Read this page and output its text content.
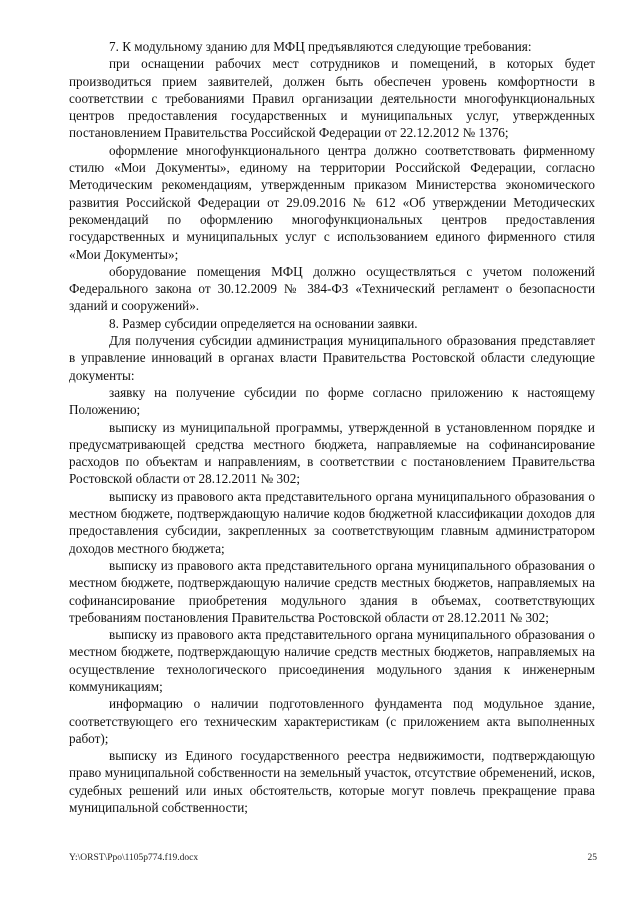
7. К модульному зданию для МФЦ предъявляются следующие требования:

при оснащении рабочих мест сотрудников и помещений, в которых будет производиться прием заявителей, должен быть обеспечен уровень комфортности в соответствии с требованиями Правил организации деятельности многофункциональных центров предоставления государственных и муниципальных услуг, утвержденных постановлением Правительства Российской Федерации от 22.12.2012 № 1376;

оформление многофункционального центра должно соответствовать фирменному стилю «Мои Документы», единому на территории Российской Федерации, согласно Методическим рекомендациям, утвержденным приказом Министерства экономического развития Российской Федерации от 29.09.2016 № 612 «Об утверждении Методических рекомендаций по оформлению многофункциональных центров предоставления государственных и муниципальных услуг с использованием единого фирменного стиля «Мои Документы»;

оборудование помещения МФЦ должно осуществляться с учетом положений Федерального закона от 30.12.2009 № 384-ФЗ «Технический регламент о безопасности зданий и сооружений».

8. Размер субсидии определяется на основании заявки.

Для получения субсидии администрация муниципального образования представляет в управление инноваций в органах власти Правительства Ростовской области следующие документы:

заявку на получение субсидии по форме согласно приложению к настоящему Положению;

выписку из муниципальной программы, утвержденной в установленном порядке и предусматривающей средства местного бюджета, направляемые на софинансирование расходов по объектам и направлениям, в соответствии с постановлением Правительства Ростовской области от 28.12.2011 № 302;

выписку из правового акта представительного органа муниципального образования о местном бюджете, подтверждающую наличие кодов бюджетной классификации доходов для предоставления субсидии, закрепленных за соответствующим главным администратором доходов местного бюджета;

выписку из правового акта представительного органа муниципального образования о местном бюджете, подтверждающую наличие средств местных бюджетов, направляемых на софинансирование приобретения модульного здания в объемах, соответствующих требованиям постановления Правительства Ростовской области от 28.12.2011 № 302;

выписку из правового акта представительного органа муниципального образования о местном бюджете, подтверждающую наличие средств местных бюджетов, направляемых на осуществление технологического присоединения модульного здания к инженерным коммуникациям;

информацию о наличии подготовленного фундамента под модульное здание, соответствующего его техническим характеристикам (с приложением акта выполненных работ);

выписку из Единого государственного реестра недвижимости, подтверждающую право муниципальной собственности на земельный участок, отсутствие обременений, исков, судебных решений или иных обстоятельств, которые могут повлечь прекращение права муниципальной собственности;

Y:\ORST\Ppo\1105p774.f19.docx	25
